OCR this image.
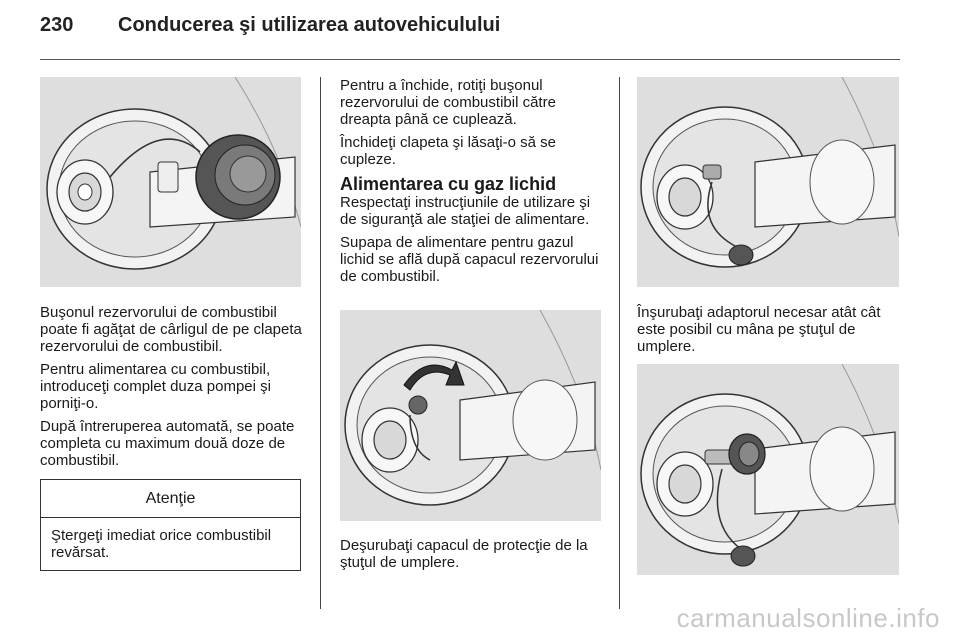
230 Conducerea şi utilizarea autovehiculului

Buşonul rezervorului de combustibil poate fi agăţat de cârligul de pe clapeta rezervorului de combustibil.

Pentru alimentarea cu combustibil, introduceţi complet duza pompei şi porniţi-o.

După întreruperea automată, se poate completa cu maximum două doze de combustibil.

Atenţie
Ştergeţi imediat orice combustibil revărsat.

Pentru a închide, rotiţi buşonul rezervorului de combustibil către dreapta până ce cuplează.

Închideţi clapeta şi lăsaţi-o să se cupleze.

Alimentarea cu gaz lichid

Respectaţi instrucţiunile de utilizare şi de siguranţă ale staţiei de alimentare.

Supapa de alimentare pentru gazul lichid se află după capacul rezervorului de combustibil.

Deşurubaţi capacul de protecţie de la ştuţul de umplere.

Înşurubaţi adaptorul necesar atât cât este posibil cu mâna pe ştuţul de umplere.

carmanualsonline.info
